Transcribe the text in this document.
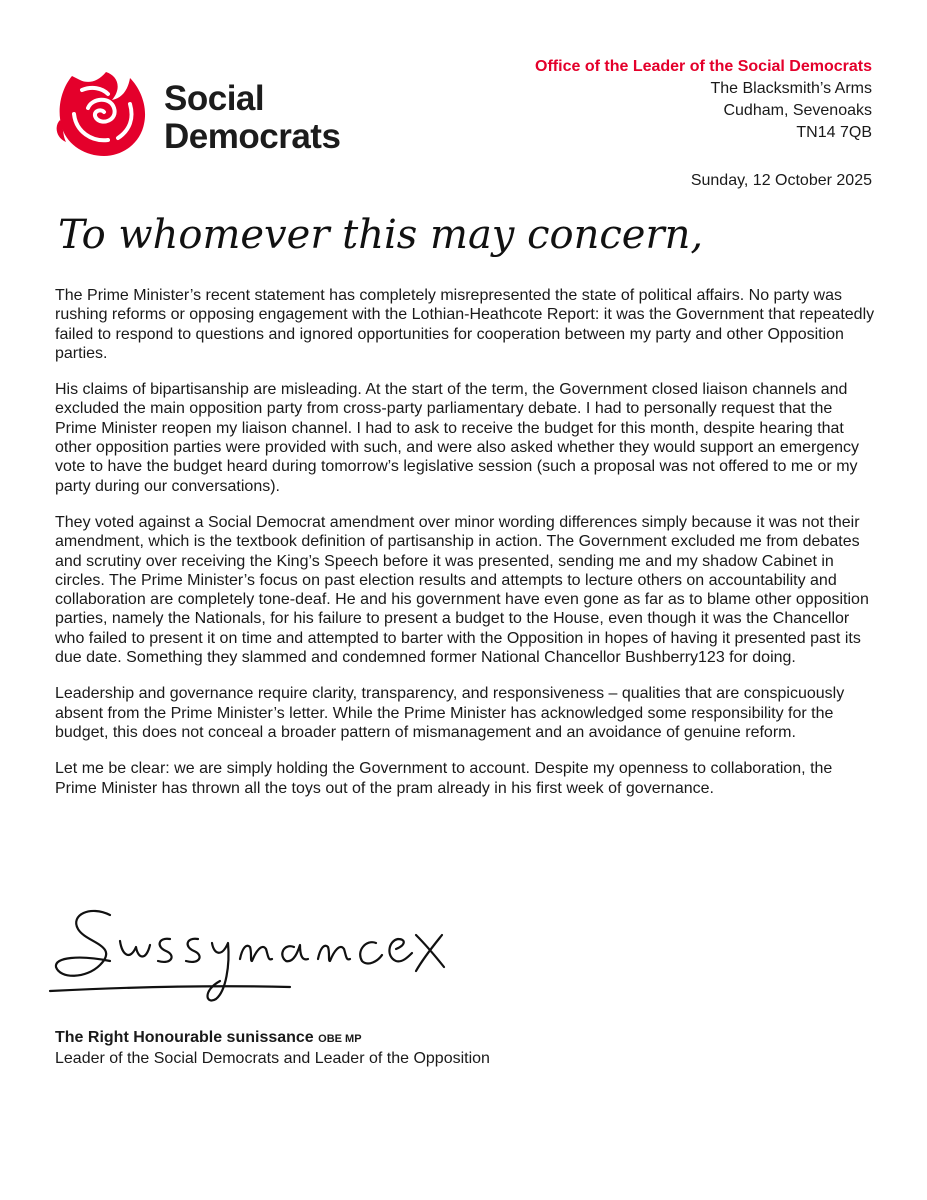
Social
Democrats
Office of the Leader of the Social Democrats
The Blacksmith’s Arms
Cudham, Sevenoaks
TN14 7QB
Sunday, 12 October 2025
To whomever this may concern,

The Prime Minister’s recent statement has completely misrepresented the state of political affairs. No party was rushing reforms or opposing engagement with the Lothian-Heathcote Report: it was the Government that repeatedly failed to respond to questions and ignored opportunities for cooperation between my party and other Opposition parties.

His claims of bipartisanship are misleading. At the start of the term, the Government closed liaison channels and excluded the main opposition party from cross-party parliamentary debate. I had to personally request that the Prime Minister reopen my liaison channel. I had to ask to receive the budget for this month, despite hearing that other opposition parties were provided with such, and were also asked whether they would support an emergency vote to have the budget heard during tomorrow’s legislative session (such a proposal was not offered to me or my party during our conversations).

They voted against a Social Democrat amendment over minor wording differences simply because it was not their amendment, which is the textbook definition of partisanship in action. The Government excluded me from debates and scrutiny over receiving the King’s Speech before it was presented, sending me and my shadow Cabinet in circles. The Prime Minister’s focus on past election results and attempts to lecture others on accountability and collaboration are completely tone-deaf. He and his government have even gone as far as to blame other opposition parties, namely the Nationals, for his failure to present a budget to the House, even though it was the Chancellor who failed to present it on time and attempted to barter with the Opposition in hopes of having it presented past its due date. Something they slammed and condemned former National Chancellor Bushberry123 for doing.

Leadership and governance require clarity, transparency, and responsiveness – qualities that are conspicuously absent from the Prime Minister’s letter. While the Prime Minister has acknowledged some responsibility for the budget, this does not conceal a broader pattern of mismanagement and an avoidance of genuine reform.

Let me be clear: we are simply holding the Government to account. Despite my openness to collaboration, the Prime Minister has thrown all the toys out of the pram already in his first week of governance.

The Right Honourable sunissance OBE MP
Leader of the Social Democrats and Leader of the Opposition
